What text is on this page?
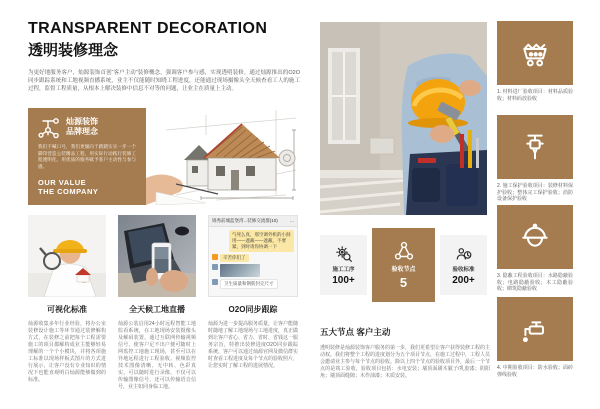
TRANSPARENT DECORATION
透明装修理念

为更好地服务客户，灿源装饰首创“客户主动”装修概念，强调客户参与感，实现透明装修。通过灿源推出的O2O同步跟踪系统和工地视频直播系统，业主不仅能随时知晓工程进度，还能通过现场摄像头全天候查看工人的施工过程，监督工程质量，从根本上解决装修中信息不对等的问题，让业主在质量上主动。

灿源装饰
品牌理念
我们不喊口号，我们更倾向于踏踏实实一步一个脚印营造公装精品工程，用实际行动践行装修工程透明化，用优质的服务赋予客户主动性与参与感。
OUR VALUE
THE COMPANY
可视化标准
灿源收集多年行业经验，将办公室装修设计施工等环节通过装修解构方式，在装修之前把每个工程需要施工的项目都解构成业主能够轻易理解的一个个小模块，并将各项施工标准以现场样板式图片的方式进行展示，让客户没有专业知识的情况下也能直观明白灿源能够做到的标准。
全天候工地直播
灿源公装启用24小时远程智能工地监看系统，在工地现场安装摄像头及解码装置，通过互联网传输视频信号，使客户足不出户便可随时上网监控工地施工现场，甚至可以在异地远程进行工程验收。视频监控技术图像清晰、无中转、色彩真实，可以随时进行录像，不仅可以传输图像信号，还可以传输语音信号，业主如同身临工地。
锦秀前城蓝堡湾...装修交流群(10)	···
气死么真，那空调外机的小洞用——遮蔽——遮蔽，不要紧，到时请你协调一下
辛苦你们了
卫生质量和钢筋封完尺寸
O2O同步跟踪
灿源为进一步提高服务质量，让客户能随时随地了解工地现场与工地进度，真正做到让客户省心、省力、省时、省钱这一服务宗旨，特推出装修进度O2O同步跟踪系统，客户可以通过灿源官网及微信群实时查看工程进度及每个节点的验收照片，让您实时了解工程的进展情况。
施工工序
100+
验收节点
5
验收标准
200+
五大节点 客户主动
透明装修是灿源装饰客户服务的第一步，我们更希望让客户获得装修工程的主动权。我们将整个工程的进度划分为五个项目节点，在施工过程中，工程人员会邀请业主参与每个节点的验收。除以上四个节点的验收项目外，最后一个节点的是竣工验收，验收项目包括：水电安装；墙顶面刷木腻子/乳胶漆；阴阳角；墙顶面缝隙；木作油漆；木质安装。
1. 材料进厂验收项目：材料品质验收；材料码放验收
2. 施工保护验收项目：装修材料保护验收；整体完工保护验收；消防设备保护验收
3. 隐蔽工程验收项目：水路隐蔽验收；电路隐蔽验收；木工隐蔽验收；砌筑隐蔽验收
4. 中期验收项目：防水验收；面砖弹线验收
